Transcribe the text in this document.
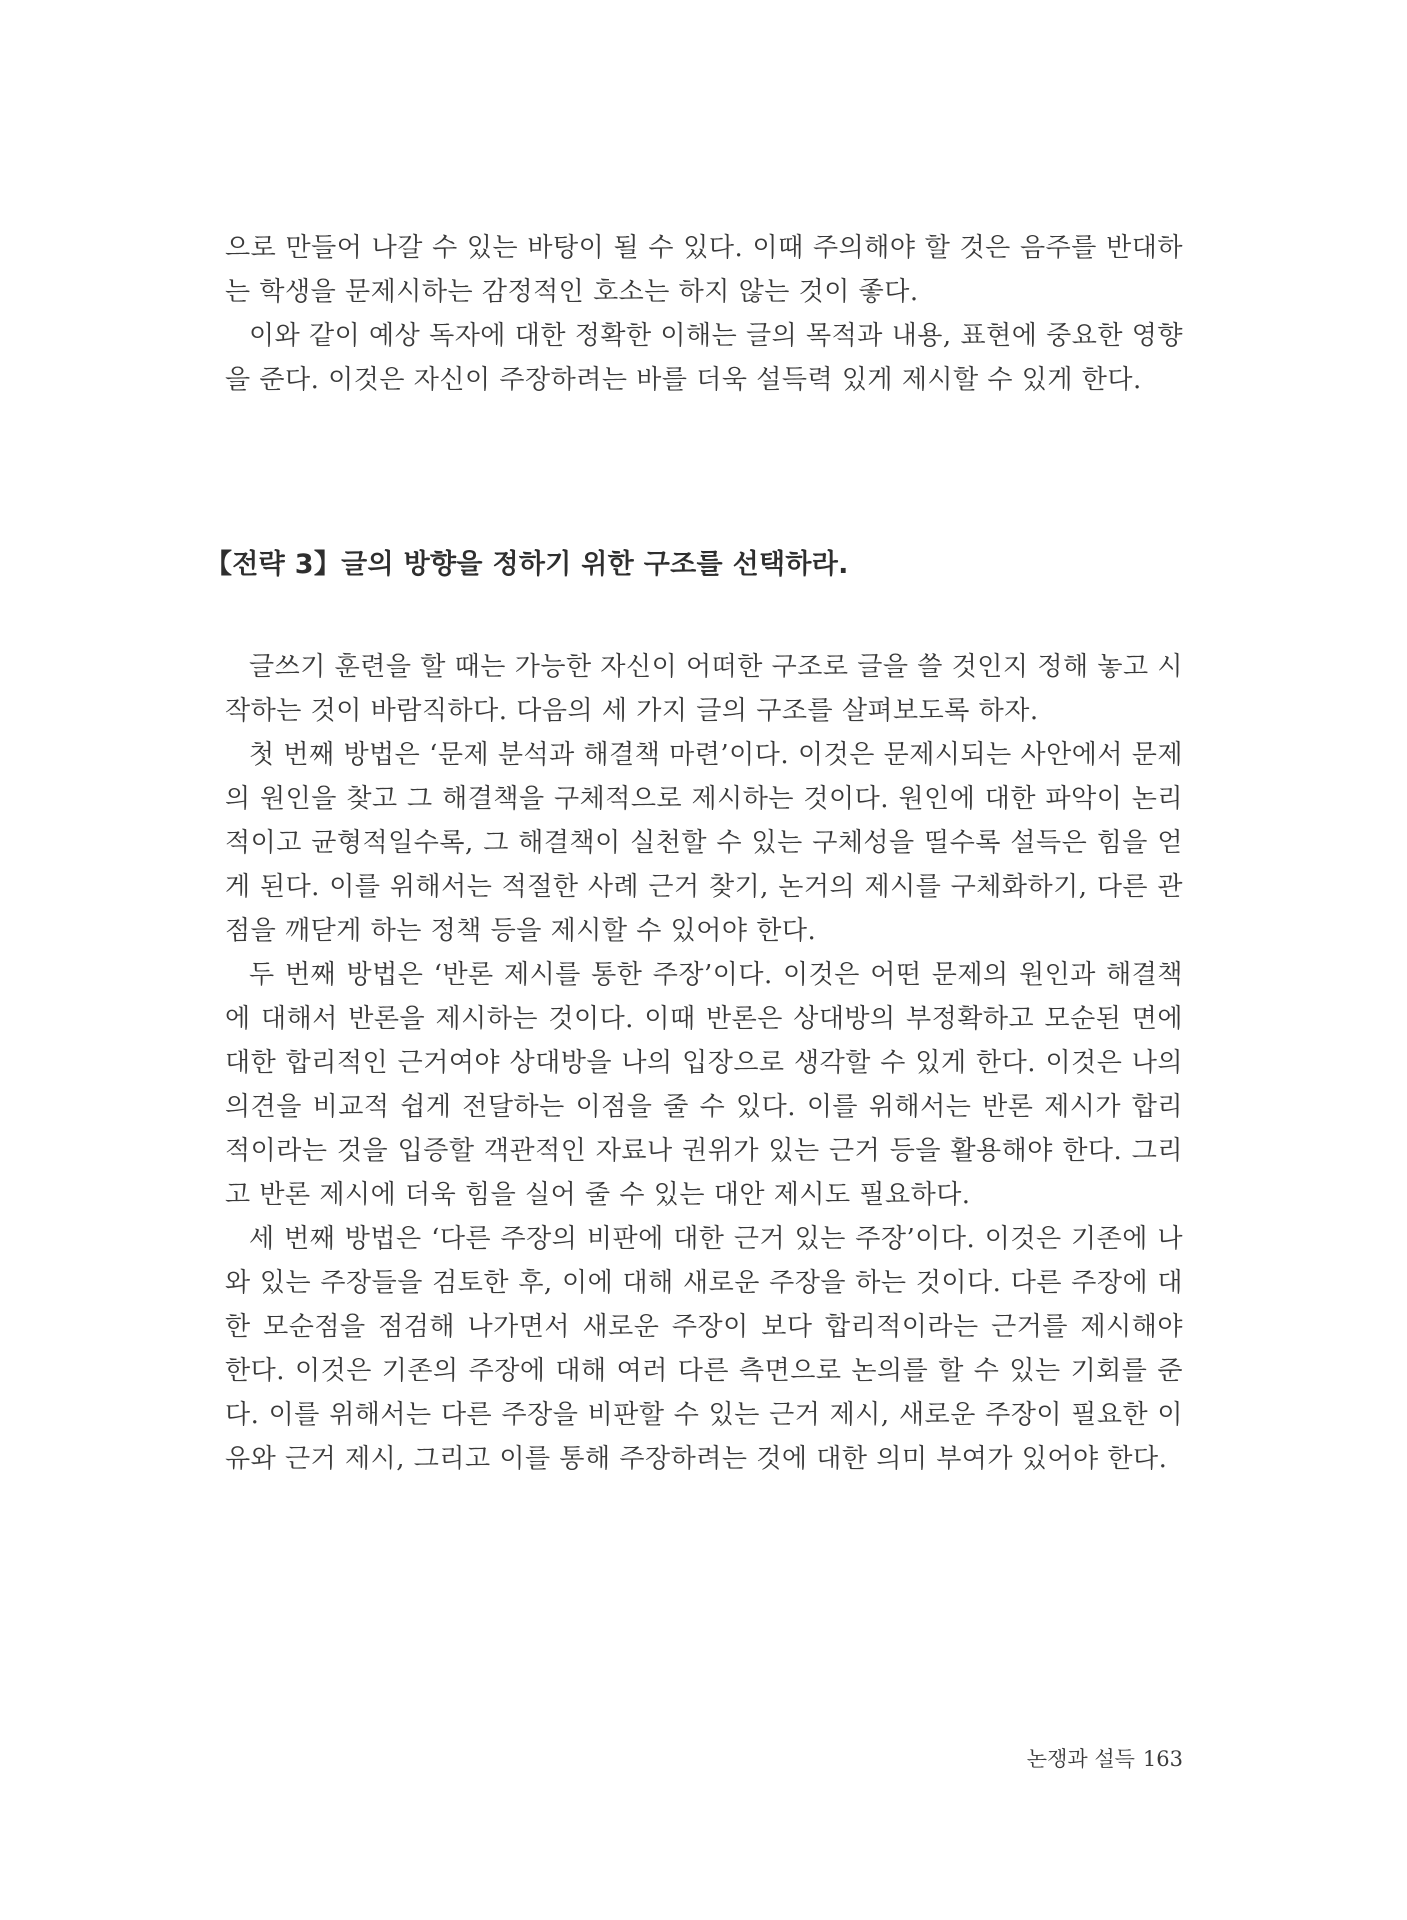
으로 만들어 나갈 수 있는 바탕이 될 수 있다. 이때 주의해야 할 것은 음주를 반대하는 학생을 문제시하는 감정적인 호소는 하지 않는 것이 좋다.

이와 같이 예상 독자에 대한 정확한 이해는 글의 목적과 내용, 표현에 중요한 영향을 준다. 이것은 자신이 주장하려는 바를 더욱 설득력 있게 제시할 수 있게 한다.

【전략 3】글의 방향을 정하기 위한 구조를 선택하라.

글쓰기 훈련을 할 때는 가능한 자신이 어떠한 구조로 글을 쓸 것인지 정해 놓고 시작하는 것이 바람직하다. 다음의 세 가지 글의 구조를 살펴보도록 하자.

첫 번째 방법은 ‘문제 분석과 해결책 마련’이다. 이것은 문제시되는 사안에서 문제의 원인을 찾고 그 해결책을 구체적으로 제시하는 것이다. 원인에 대한 파악이 논리적이고 균형적일수록, 그 해결책이 실천할 수 있는 구체성을 띨수록 설득은 힘을 얻게 된다. 이를 위해서는 적절한 사례 근거 찾기, 논거의 제시를 구체화하기, 다른 관점을 깨닫게 하는 정책 등을 제시할 수 있어야 한다.

두 번째 방법은 ‘반론 제시를 통한 주장’이다. 이것은 어떤 문제의 원인과 해결책에 대해서 반론을 제시하는 것이다. 이때 반론은 상대방의 부정확하고 모순된 면에 대한 합리적인 근거여야 상대방을 나의 입장으로 생각할 수 있게 한다. 이것은 나의 의견을 비교적 쉽게 전달하는 이점을 줄 수 있다. 이를 위해서는 반론 제시가 합리적이라는 것을 입증할 객관적인 자료나 권위가 있는 근거 등을 활용해야 한다. 그리고 반론 제시에 더욱 힘을 실어 줄 수 있는 대안 제시도 필요하다.

세 번째 방법은 ‘다른 주장의 비판에 대한 근거 있는 주장’이다. 이것은 기존에 나와 있는 주장들을 검토한 후, 이에 대해 새로운 주장을 하는 것이다. 다른 주장에 대한 모순점을 점검해 나가면서 새로운 주장이 보다 합리적이라는 근거를 제시해야 한다. 이것은 기존의 주장에 대해 여러 다른 측면으로 논의를 할 수 있는 기회를 준다. 이를 위해서는 다른 주장을 비판할 수 있는 근거 제시, 새로운 주장이 필요한 이유와 근거 제시, 그리고 이를 통해 주장하려는 것에 대한 의미 부여가 있어야 한다.

논쟁과 설득 163
